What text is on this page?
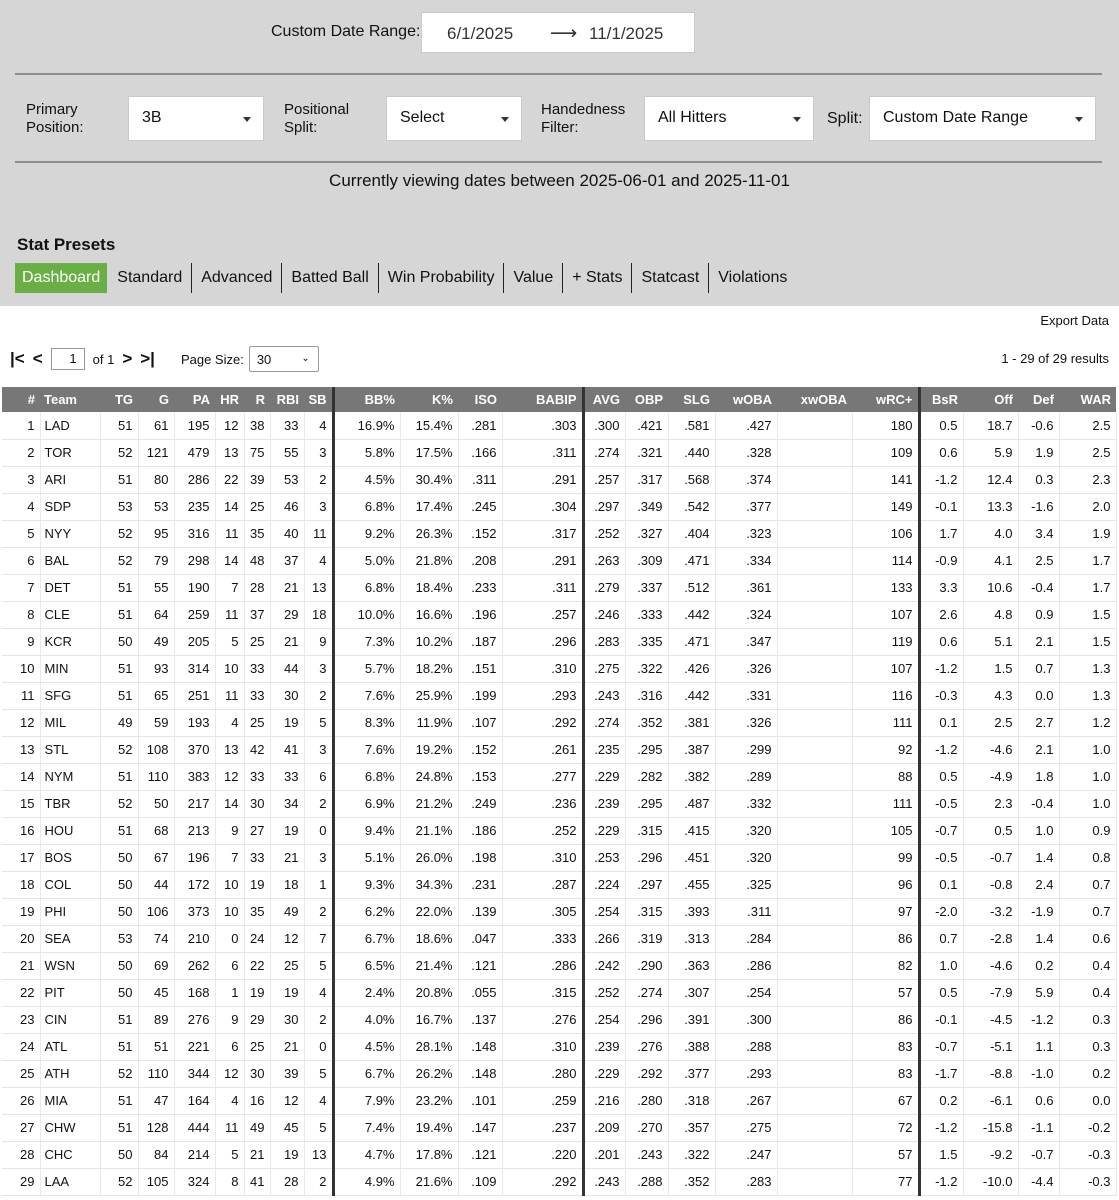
Custom Date Range: 6/1/2025 ⟶ 11/1/2025
Primary
Position:
3B	Positional
Split:
Select	Handedness
Filter:
All Hitters	Split: Custom Date Range
Currently viewing dates between 2025-06-01 and 2025-11-01
Stat Presets
Dashboard	Standard	Advanced	Batted Ball	Win Probability	Value	+ Stats	Statcast	Violations
Export Data
|< <	1	of 1 > >| Page Size: 30	⌄	1 - 29 of 29 results
#	Team	TG	G	PA	HR	R	RBI	SB	BB%	K%	ISO	BABIP	AVG	OBP	SLG	wOBA	xwOBA	wRC+	BsR	Off	Def	WAR
1	LAD	51	61	195	12	38	33	4	16.9%	15.4%	.281	.303	.300	.421	.581	.427		180	0.5	18.7	-0.6	2.5
2	TOR	52	121	479	13	75	55	3	5.8%	17.5%	.166	.311	.274	.321	.440	.328		109	0.6	5.9	1.9	2.5
3	ARI	51	80	286	22	39	53	2	4.5%	30.4%	.311	.291	.257	.317	.568	.374		141	-1.2	12.4	0.3	2.3
4	SDP	53	53	235	14	25	46	3	6.8%	17.4%	.245	.304	.297	.349	.542	.377		149	-0.1	13.3	-1.6	2.0
5	NYY	52	95	316	11	35	40	11	9.2%	26.3%	.152	.317	.252	.327	.404	.323		106	1.7	4.0	3.4	1.9
6	BAL	52	79	298	14	48	37	4	5.0%	21.8%	.208	.291	.263	.309	.471	.334		114	-0.9	4.1	2.5	1.7
7	DET	51	55	190	7	28	21	13	6.8%	18.4%	.233	.311	.279	.337	.512	.361		133	3.3	10.6	-0.4	1.7
8	CLE	51	64	259	11	37	29	18	10.0%	16.6%	.196	.257	.246	.333	.442	.324		107	2.6	4.8	0.9	1.5
9	KCR	50	49	205	5	25	21	9	7.3%	10.2%	.187	.296	.283	.335	.471	.347		119	0.6	5.1	2.1	1.5
10	MIN	51	93	314	10	33	44	3	5.7%	18.2%	.151	.310	.275	.322	.426	.326		107	-1.2	1.5	0.7	1.3
11	SFG	51	65	251	11	33	30	2	7.6%	25.9%	.199	.293	.243	.316	.442	.331		116	-0.3	4.3	0.0	1.3
12	MIL	49	59	193	4	25	19	5	8.3%	11.9%	.107	.292	.274	.352	.381	.326		111	0.1	2.5	2.7	1.2
13	STL	52	108	370	13	42	41	3	7.6%	19.2%	.152	.261	.235	.295	.387	.299		92	-1.2	-4.6	2.1	1.0
14	NYM	51	110	383	12	33	33	6	6.8%	24.8%	.153	.277	.229	.282	.382	.289		88	0.5	-4.9	1.8	1.0
15	TBR	52	50	217	14	30	34	2	6.9%	21.2%	.249	.236	.239	.295	.487	.332		111	-0.5	2.3	-0.4	1.0
16	HOU	51	68	213	9	27	19	0	9.4%	21.1%	.186	.252	.229	.315	.415	.320		105	-0.7	0.5	1.0	0.9
17	BOS	50	67	196	7	33	21	3	5.1%	26.0%	.198	.310	.253	.296	.451	.320		99	-0.5	-0.7	1.4	0.8
18	COL	50	44	172	10	19	18	1	9.3%	34.3%	.231	.287	.224	.297	.455	.325		96	0.1	-0.8	2.4	0.7
19	PHI	50	106	373	10	35	49	2	6.2%	22.0%	.139	.305	.254	.315	.393	.311		97	-2.0	-3.2	-1.9	0.7
20	SEA	53	74	210	0	24	12	7	6.7%	18.6%	.047	.333	.266	.319	.313	.284		86	0.7	-2.8	1.4	0.6
21	WSN	50	69	262	6	22	25	5	6.5%	21.4%	.121	.286	.242	.290	.363	.286		82	1.0	-4.6	0.2	0.4
22	PIT	50	45	168	1	19	19	4	2.4%	20.8%	.055	.315	.252	.274	.307	.254		57	0.5	-7.9	5.9	0.4
23	CIN	51	89	276	9	29	30	2	4.0%	16.7%	.137	.276	.254	.296	.391	.300		86	-0.1	-4.5	-1.2	0.3
24	ATL	51	51	221	6	25	21	0	4.5%	28.1%	.148	.310	.239	.276	.388	.288		83	-0.7	-5.1	1.1	0.3
25	ATH	52	110	344	12	30	39	5	6.7%	26.2%	.148	.280	.229	.292	.377	.293		83	-1.7	-8.8	-1.0	0.2
26	MIA	51	47	164	4	16	12	4	7.9%	23.2%	.101	.259	.216	.280	.318	.267		67	0.2	-6.1	0.6	0.0
27	CHW	51	128	444	11	49	45	5	7.4%	19.4%	.147	.237	.209	.270	.357	.275		72	-1.2	-15.8	-1.1	-0.2
28	CHC	50	84	214	5	21	19	13	4.7%	17.8%	.121	.220	.201	.243	.322	.247		57	1.5	-9.2	-0.7	-0.3
29	LAA	52	105	324	8	41	28	2	4.9%	21.6%	.109	.292	.243	.288	.352	.283		77	-1.2	-10.0	-4.4	-0.3
